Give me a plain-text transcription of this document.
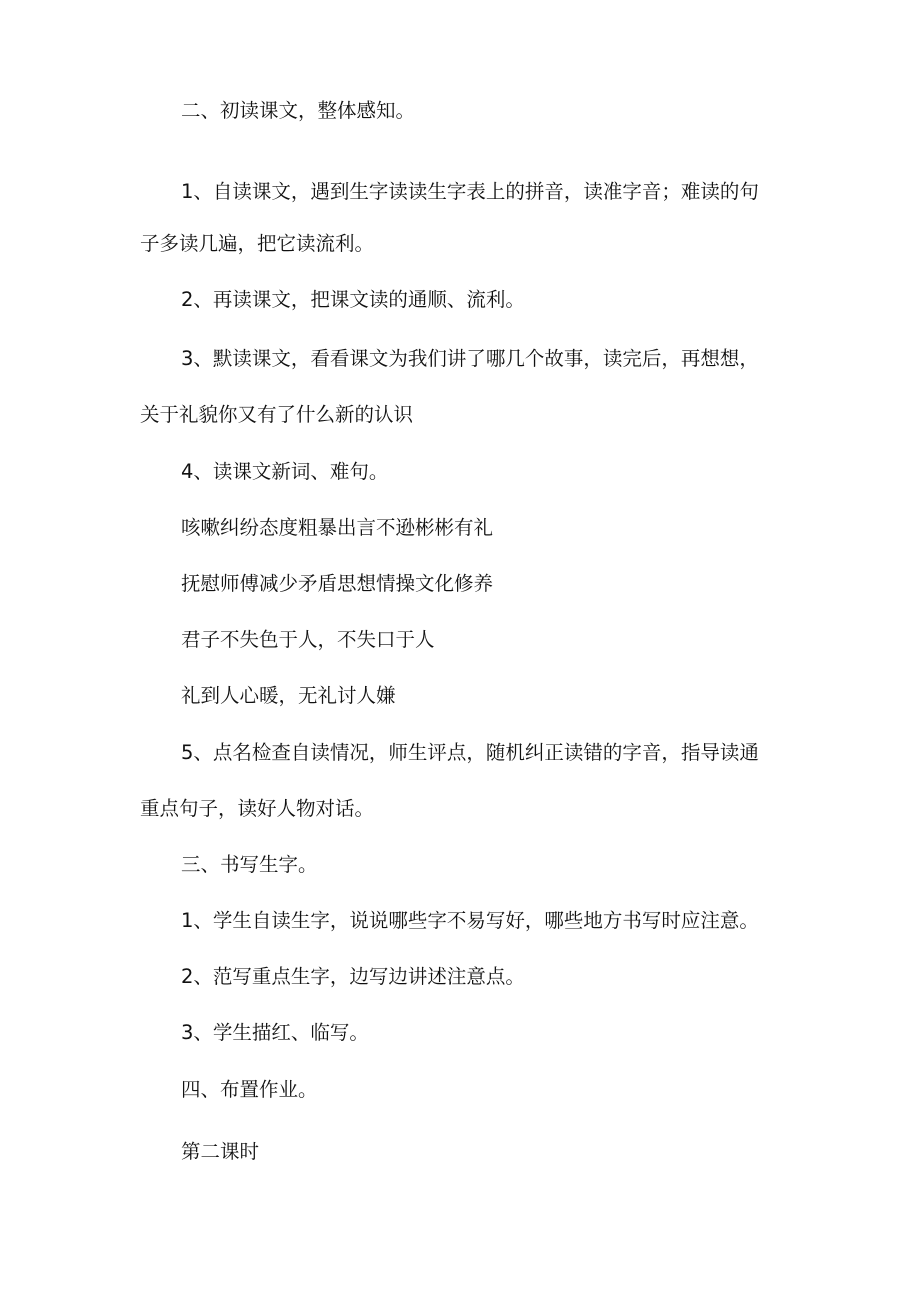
二、初读课文，整体感知。
1、自读课文，遇到生字读读生字表上的拼音，读准字音；难读的句
子多读几遍，把它读流利。
2、再读课文，把课文读的通顺、流利。
3、默读课文，看看课文为我们讲了哪几个故事，读完后，再想想，
关于礼貌你又有了什么新的认识
4、读课文新词、难句。
咳嗽纠纷态度粗暴出言不逊彬彬有礼
抚慰师傅减少矛盾思想情操文化修养
君子不失色于人，不失口于人
礼到人心暖，无礼讨人嫌
5、点名检查自读情况，师生评点，随机纠正读错的字音，指导读通
重点句子，读好人物对话。
三、书写生字。
1、学生自读生字，说说哪些字不易写好，哪些地方书写时应注意。
2、范写重点生字，边写边讲述注意点。
3、学生描红、临写。
四、布置作业。
第二课时
